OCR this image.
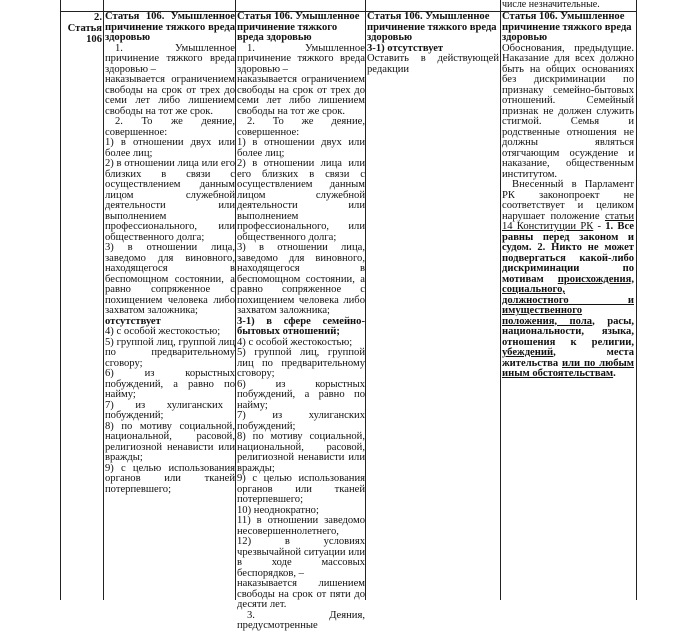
числе незначительные.
2. Статья 106
Статья 106. Умышленное причинение тяжкого вреда здоровью
1. Умышленное причинение тяжкого вреда здоровью –
наказывается ограничением свободы на срок от трех до семи лет либо лишением свободы на тот же срок.
2. То же деяние, совершенное:
1) в отношении двух или более лиц;
2) в отношении лица или его близких в связи с осуществлением данным лицом служебной деятельности или выполнением профессионального, или общественного долга;
3) в отношении лица, заведомо для виновного, находящегося в беспомощном состоянии, а равно сопряженное с похищением человека либо захватом заложника;
отсутствует
4) с особой жестокостью;
5) группой лиц, группой лиц по предварительному сговору;
6) из корыстных побуждений, а равно по найму;
7) из хулиганских побуждений;
8) по мотиву социальной, национальной, расовой, религиозной ненависти или вражды;
9) с целью использования органов или тканей потерпевшего;
Статья 106. Умышленное причинение тяжкого вреда здоровью
1. Умышленное причинение тяжкого вреда здоровью –
наказывается ограничением свободы на срок от трех до семи лет либо лишением свободы на тот же срок.
2. То же деяние, совершенное:
1) в отношении двух или более лиц;
2) в отношении лица или его близких в связи с осуществлением данным лицом служебной деятельности или выполнением профессионального, или общественного долга;
3) в отношении лица, заведомо для виновного, находящегося в беспомощном состоянии, а равно сопряженное с похищением человека либо захватом заложника;
3-1) в сфере семейно-бытовых отношений;
4) с особой жестокостью;
5) группой лиц, группой лиц по предварительному сговору;
6) из корыстных побуждений, а равно по найму;
7) из хулиганских побуждений;
8) по мотиву социальной, национальной, расовой, религиозной ненависти или вражды;
9) с целью использования органов или тканей потерпевшего;
10) неоднократно;
11) в отношении заведомо несовершеннолетнего,
12) в условиях чрезвычайной ситуации или в ходе массовых беспорядков, –
наказывается лишением свободы на срок от пяти до десяти лет.
3. Деяния, предусмотренные
Статья 106. Умышленное причинение тяжкого вреда здоровью
3-1) отсутствует
Оставить в действующей редакции
Статья 106. Умышленное причинение тяжкого вреда здоровью
Обоснования, предыдущие. Наказание для всех должно быть на общих основаниях без дискриминации по признаку семейно-бытовых отношений. Семейный признак не должен служить стигмой. Семья и родственные отношения не должны являться отягчающим осуждение и наказание, общественным институтом.
Внесенный в Парламент РК законопроект не соответствует и целиком нарушает положение статьи 14 Конституции РК - 1. Все равны перед законом и судом. 2. Никто не может подвергаться какой-либо дискриминации по мотивам происхождения, социального, должностного и имущественного положения, пола, расы, национальности, языка, отношения к религии, убеждений, места жительства или по любым иным обстоятельствам.
